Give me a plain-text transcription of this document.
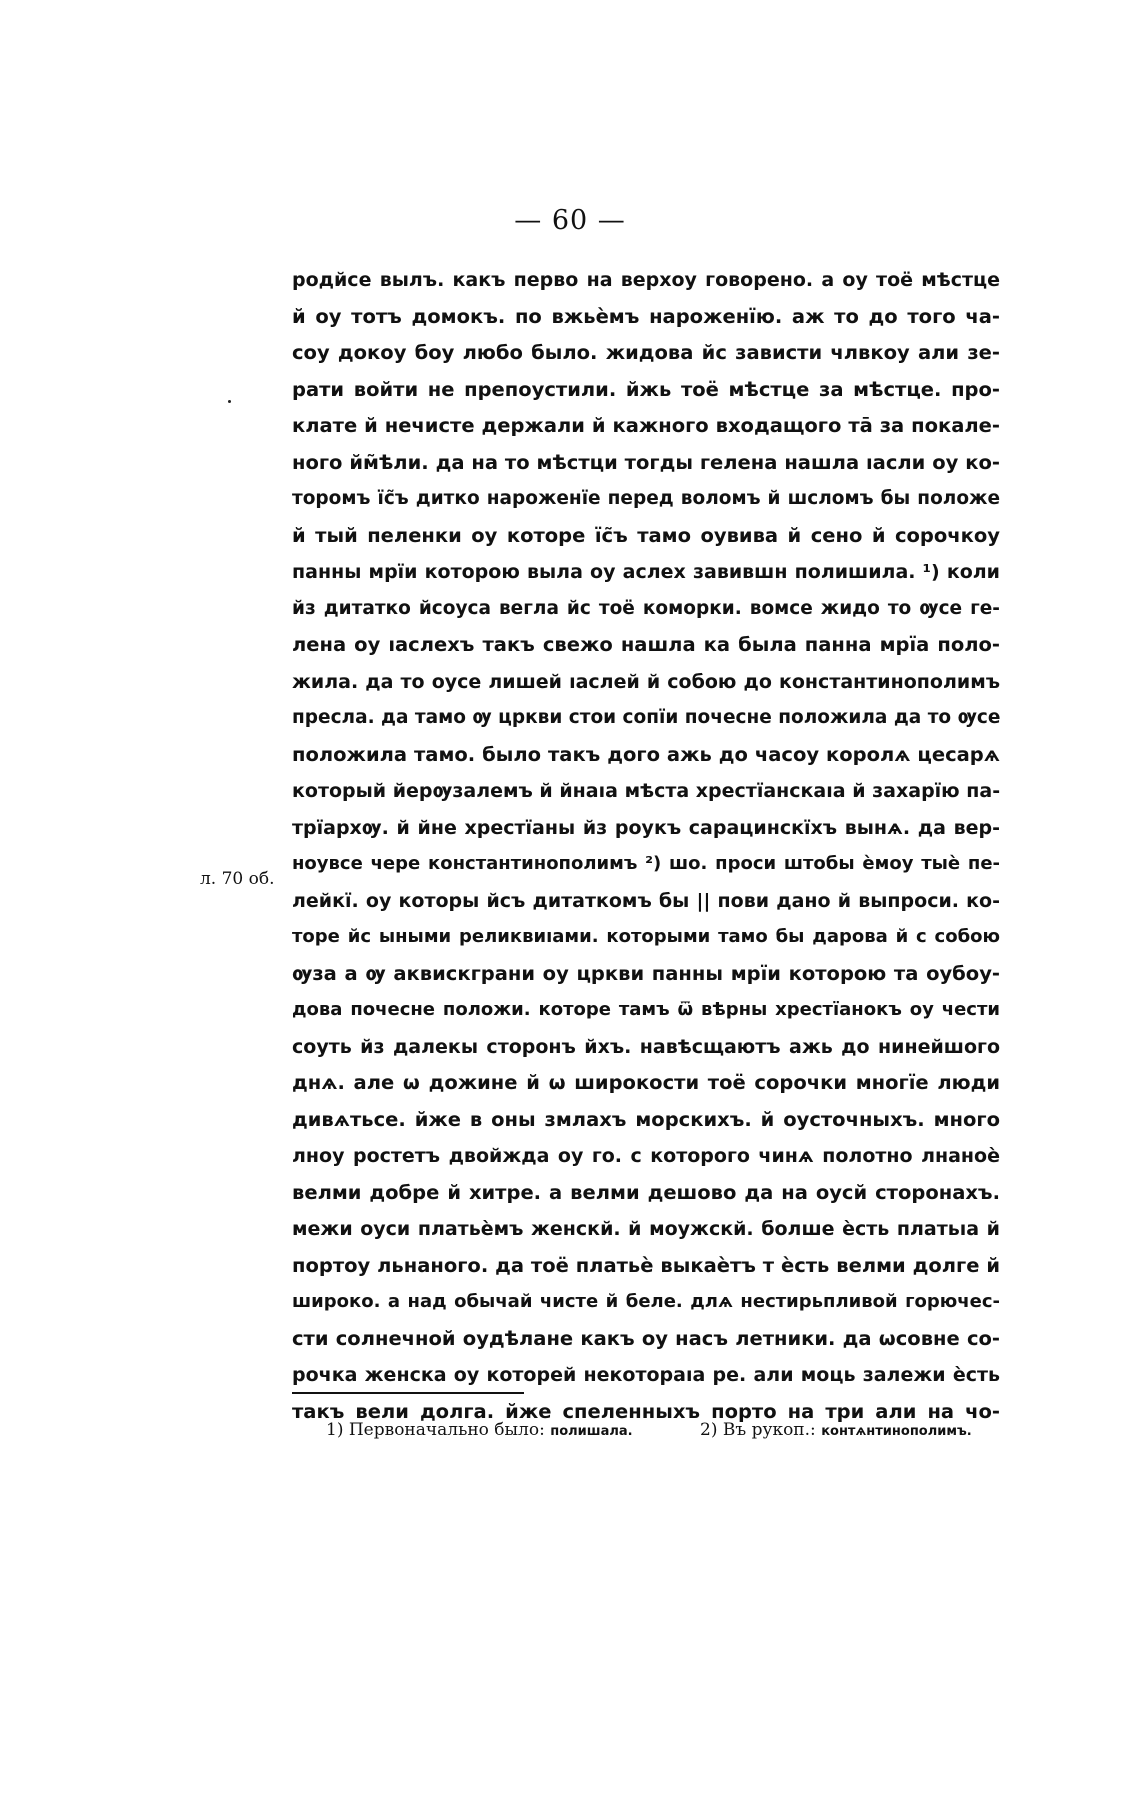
— 60 —
л. 70 об.
родйсе вылъ. какъ перво на верхоу говорено. а оу тоё мѣстце
й оу тотъ домокъ. по вжьѐмъ нароженїю. аж то до того ча-
соу докоу боу любо было. жидова йс зависти члвкоу али зе-
рати войти не препоустили. йжь тоё мѣстце за мѣстце. про-
клате й нечисте держали й кажного входащого тā за покале-
ного йм̃ѣли. да на то мѣстци тогды гелена нашла ıасли оу ко-
торомъ їс̃ъ дитко нароженїе перед воломъ й шсломъ бы положе
й тый пеленки оу которе їс̃ъ тамо оувива й сено й сорочкоу
панны мрїи которою выла оу аслех завившн полишила. ¹) коли
йз дитатко йсоуса вегла йс тоё коморки. вомсе жидо то ѹсе ге-
лена оу ıаслехъ такъ свежо нашла ка была панна мрїа поло-
жила. да то оусе лишей ıаслей й собою до константинополимъ
пресла. да тамо ѹ цркви стои сопїи почесне положила да то ѹсе
положила тамо. было такъ дого ажь до часоу королѧ цесарѧ
который йерѹзалемъ й йнаıа мѣста хрестїанскаıа й захарїю па-
трїархѹ. й йне хрестїаны йз роукъ сарацинскїхъ вынѧ. да вер-
ноувсе чере константинополимъ ²) шо. проси штобы ѐмоу тыѐ пе-
лейкї. оу которы йсъ дитаткомъ бы || пови дано й выпроси. ко-
торе йс ыными реликвиıами. которыми тамо бы дарова й с собою
ѹза а ѹ аквискграни оу цркви панны мрїи которою та оубоу-
дова почесне положи. которе тамъ ѿ вѣрны хрестїанокъ оу чести
соуть йз далекы сторонъ йхъ. навѣсщаютъ ажь до нинейшого
днѧ. але ѡ дожине й ѡ широкости тоё сорочки многїе люди
дивѧтьсе. йже в оны змлахъ морскихъ. й оусточныхъ. много
лноу ростетъ двойжда оу го. с которого чинѧ полотно лнаноѐ
велми добре й хитре. а велми дешово да на оусй сторонахъ.
межи оуси платьѐмъ женскй. й моужскй. болше ѐсть платьıа й
портоу льнаного. да тоё платьѐ выкаѐтъ т ѐсть велми долге й
широко. а над обычай чисте й беле. длѧ нестирьпливой горючес-
сти солнечной оудѣлане какъ оу насъ летники. да ѡсовне со-
рочка женска оу которей некотораıа ре. али моць залежи ѐсть
такъ вели долга. йже спеленныхъ порто на три али на чо-
1) Первоначально было: полишала.	2) Въ рукоп.: контѧнтинополимъ.
